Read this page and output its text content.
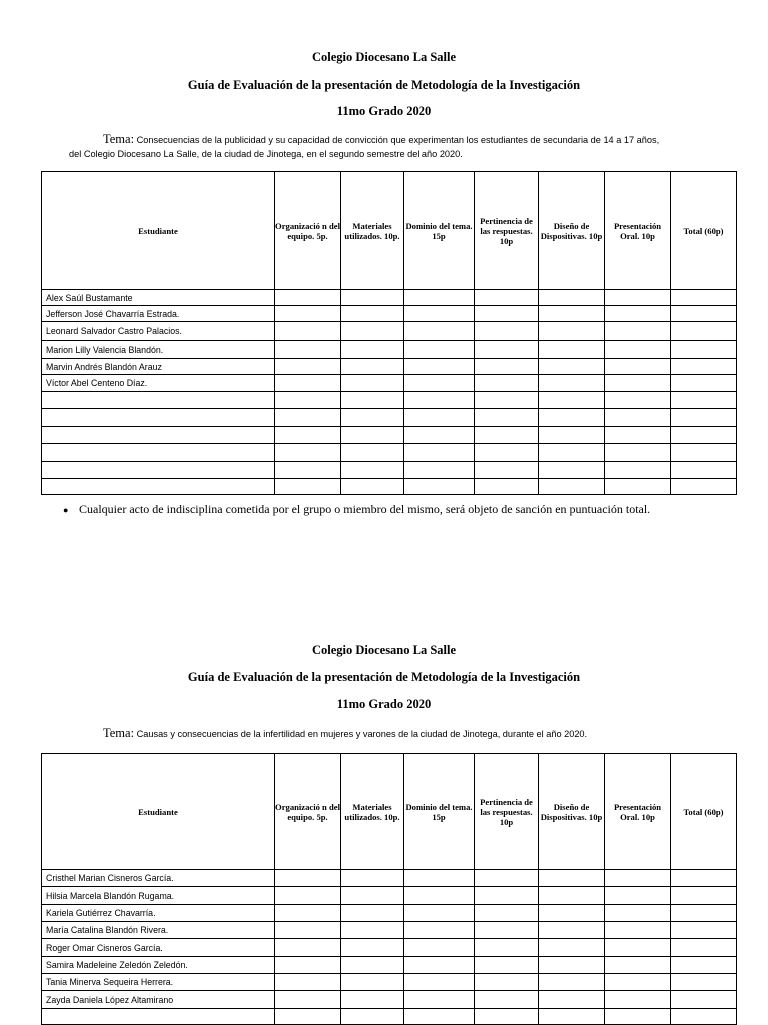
Colegio Diocesano La Salle
Guía de Evaluación de la presentación de Metodología de la Investigación
11mo Grado 2020
Tema: Consecuencias de la publicidad y su capacidad de convicción que experimentan los estudiantes de secundaria de 14 a 17 años,
del Colegio Diocesano La Salle, de la ciudad de Jinotega, en el segundo semestre del año 2020.
Estudiante	Organizació n del equipo. 5p.	Materiales utilizados. 10p.	Dominio del tema. 15p	Pertinencia de las respuestas. 10p	Diseño de Dispositivas. 10p	Presentación Oral. 10p	Total (60p)
Alex Saúl Bustamante							
Jefferson José Chavarría Estrada.							
Leonard Salvador Castro Palacios.							
Marion Lilly Valencia Blandón.							
Marvin Andrés Blandón Arauz							
Víctor Abel Centeno Díaz.							

● Cualquier acto de indisciplina cometida por el grupo o miembro del mismo, será objeto de sanción en puntuación total.
Colegio Diocesano La Salle
Guía de Evaluación de la presentación de Metodología de la Investigación
11mo Grado 2020
Tema: Causas y consecuencias de la infertilidad en mujeres y varones de la ciudad de Jinotega, durante el año 2020.
Estudiante	Organizació n del equipo. 5p.	Materiales utilizados. 10p.	Dominio del tema. 15p	Pertinencia de las respuestas. 10p	Diseño de Dispositivas. 10p	Presentación Oral. 10p	Total (60p)
Cristhel Marian Cisneros García.							
Hilsia Marcela Blandón Rugama.							
Kariela Gutiérrez Chavarría.							
María Catalina Blandón Rivera.							
Roger Omar Cisneros García.							
Samira Madeleine Zeledón Zeledón.							
Tania Minerva Sequeira Herrera.							
Zayda Daniela López Altamirano							
